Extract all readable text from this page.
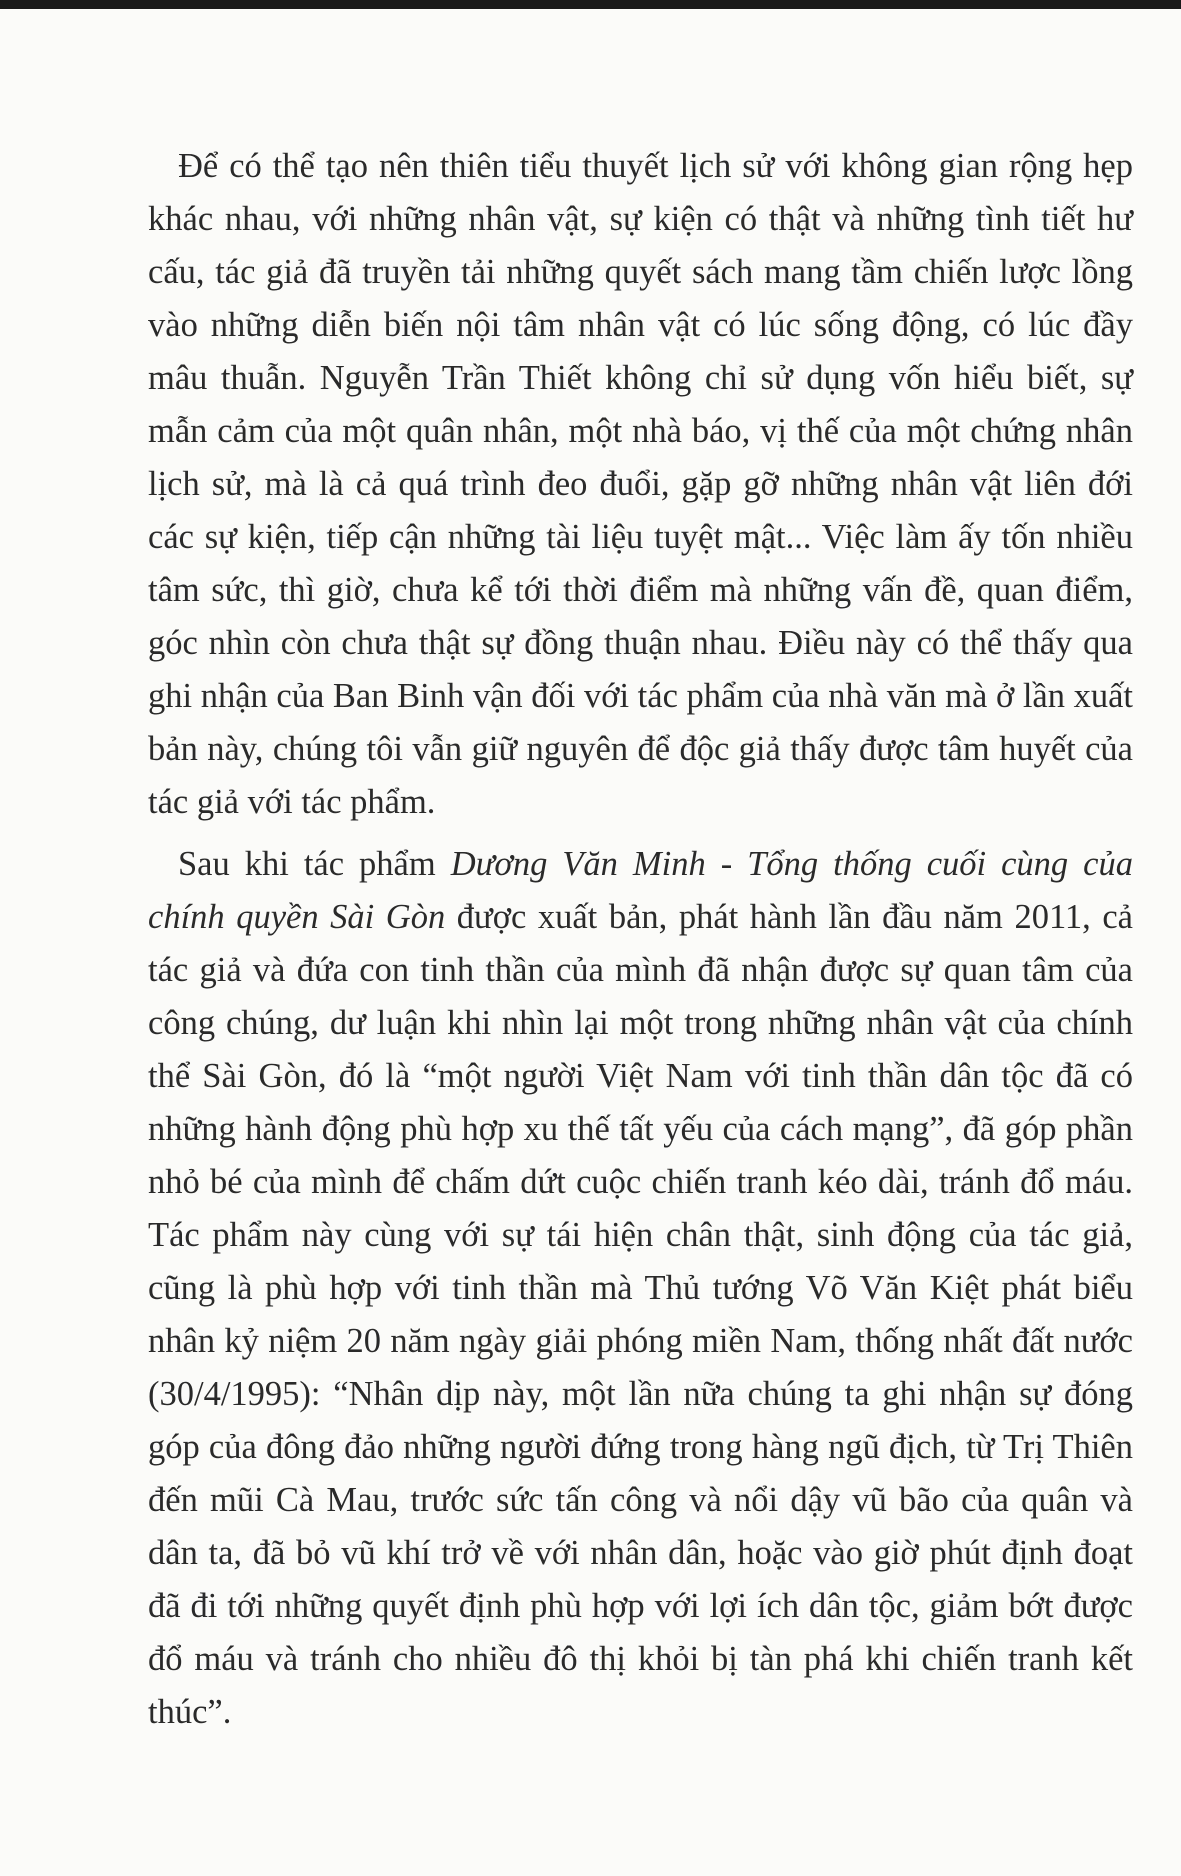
Để có thể tạo nên thiên tiểu thuyết lịch sử với không gian rộng hẹp khác nhau, với những nhân vật, sự kiện có thật và những tình tiết hư cấu, tác giả đã truyền tải những quyết sách mang tầm chiến lược lồng vào những diễn biến nội tâm nhân vật có lúc sống động, có lúc đầy mâu thuẫn. Nguyễn Trần Thiết không chỉ sử dụng vốn hiểu biết, sự mẫn cảm của một quân nhân, một nhà báo, vị thế của một chứng nhân lịch sử, mà là cả quá trình đeo đuổi, gặp gỡ những nhân vật liên đới các sự kiện, tiếp cận những tài liệu tuyệt mật... Việc làm ấy tốn nhiều tâm sức, thì giờ, chưa kể tới thời điểm mà những vấn đề, quan điểm, góc nhìn còn chưa thật sự đồng thuận nhau. Điều này có thể thấy qua ghi nhận của Ban Binh vận đối với tác phẩm của nhà văn mà ở lần xuất bản này, chúng tôi vẫn giữ nguyên để độc giả thấy được tâm huyết của tác giả với tác phẩm.

Sau khi tác phẩm Dương Văn Minh - Tổng thống cuối cùng của chính quyền Sài Gòn được xuất bản, phát hành lần đầu năm 2011, cả tác giả và đứa con tinh thần của mình đã nhận được sự quan tâm của công chúng, dư luận khi nhìn lại một trong những nhân vật của chính thể Sài Gòn, đó là “một người Việt Nam với tinh thần dân tộc đã có những hành động phù hợp xu thế tất yếu của cách mạng”, đã góp phần nhỏ bé của mình để chấm dứt cuộc chiến tranh kéo dài, tránh đổ máu. Tác phẩm này cùng với sự tái hiện chân thật, sinh động của tác giả, cũng là phù hợp với tinh thần mà Thủ tướng Võ Văn Kiệt phát biểu nhân kỷ niệm 20 năm ngày giải phóng miền Nam, thống nhất đất nước (30/4/1995): “Nhân dịp này, một lần nữa chúng ta ghi nhận sự đóng góp của đông đảo những người đứng trong hàng ngũ địch, từ Trị Thiên đến mũi Cà Mau, trước sức tấn công và nổi dậy vũ bão của quân và dân ta, đã bỏ vũ khí trở về với nhân dân, hoặc vào giờ phút định đoạt đã đi tới những quyết định phù hợp với lợi ích dân tộc, giảm bớt được đổ máu và tránh cho nhiều đô thị khỏi bị tàn phá khi chiến tranh kết thúc”.
